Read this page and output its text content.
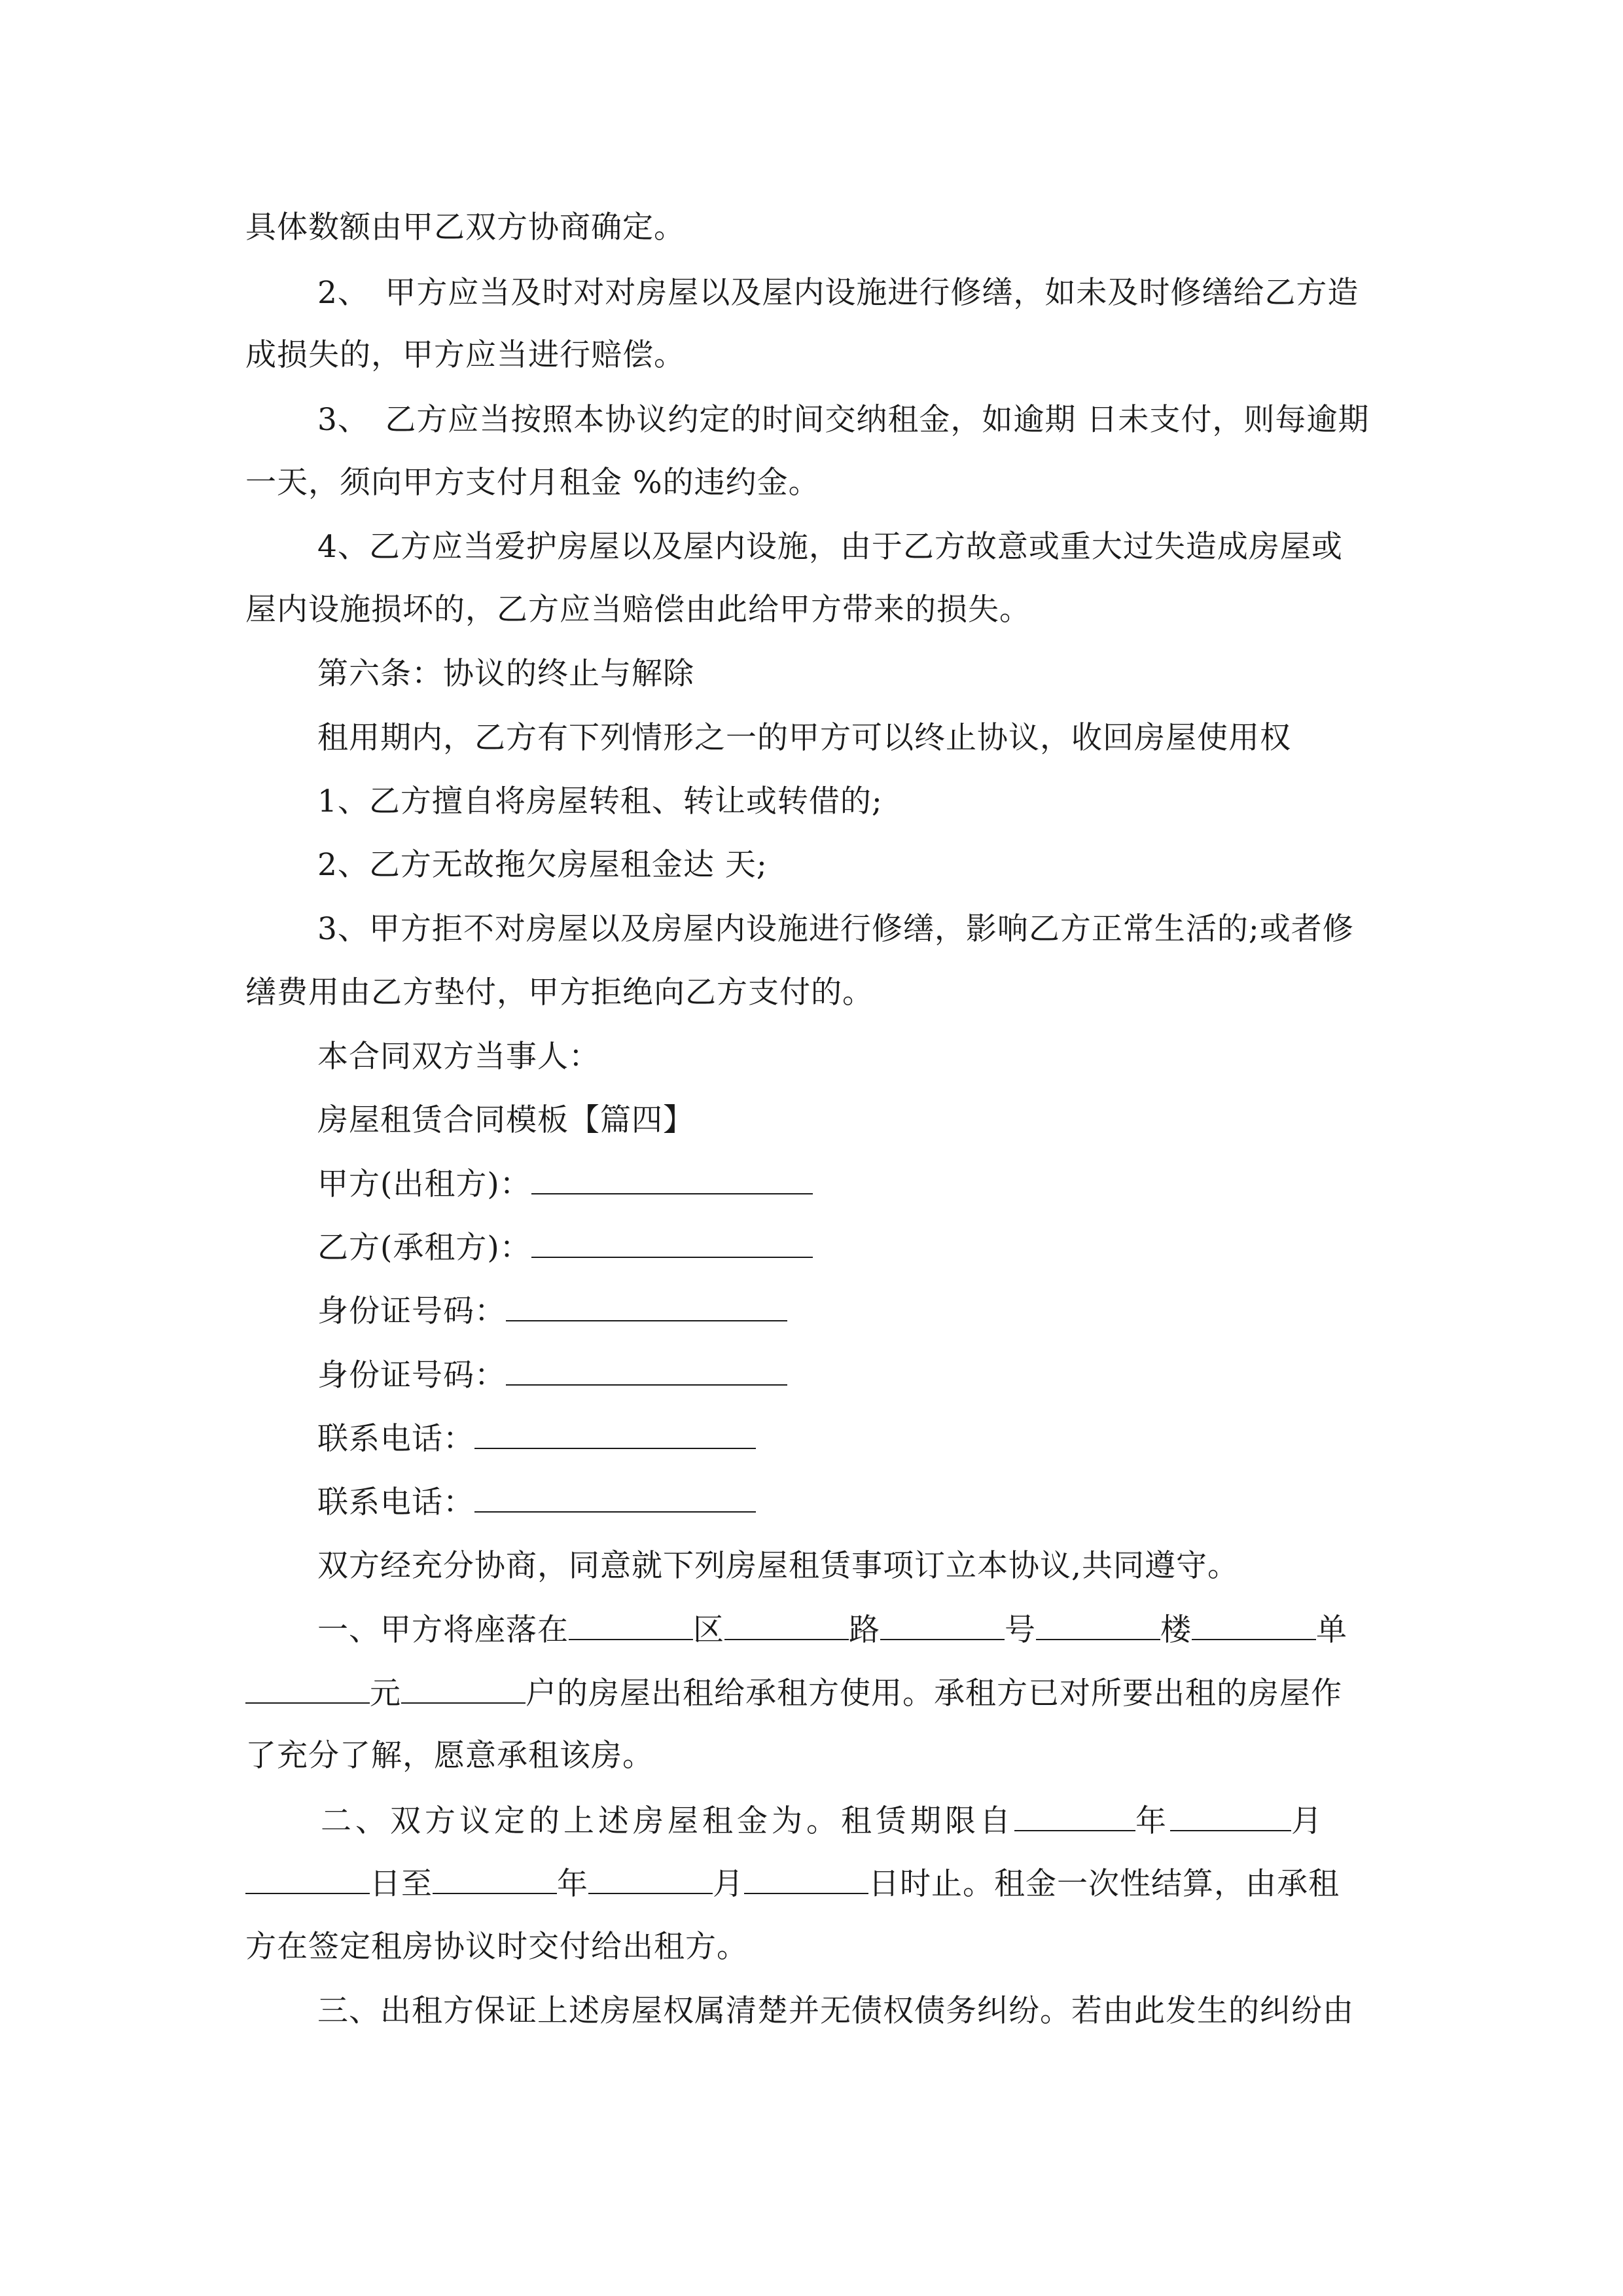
具体数额由甲乙双方协商确定。
2、　甲方应当及时对对房屋以及屋内设施进行修缮，如未及时修缮给乙方造
成损失的，甲方应当进行赔偿。
3、　乙方应当按照本协议约定的时间交纳租金，如逾期 日未支付，则每逾期
一天，须向甲方支付月租金 %的违约金。
4、乙方应当爱护房屋以及屋内设施，由于乙方故意或重大过失造成房屋或
屋内设施损坏的，乙方应当赔偿由此给甲方带来的损失。
第六条：协议的终止与解除
租用期内，乙方有下列情形之一的甲方可以终止协议，收回房屋使用权
1、乙方擅自将房屋转租、转让或转借的;
2、乙方无故拖欠房屋租金达 天;
3、甲方拒不对房屋以及房屋内设施进行修缮，影响乙方正常生活的;或者修
缮费用由乙方垫付，甲方拒绝向乙方支付的。
本合同双方当事人：
房屋租赁合同模板【篇四】
甲方(出租方)：
乙方(承租方)：
身份证号码：
身份证号码：
联系电话：
联系电话：
双方经充分协商，同意就下列房屋租赁事项订立本协议,共同遵守。
一、甲方将座落在	区	路	号	楼	单
元	户的房屋出租给承租方使用。承租方已对所要出租的房屋作
了充分了解，愿意承租该房。
二、双方议定的上述房屋租金为。租赁期限自	年	月
日至	年	月	日时止。租金一次性结算，由承租
方在签定租房协议时交付给出租方。
三、出租方保证上述房屋权属清楚并无债权债务纠纷。若由此发生的纠纷由
